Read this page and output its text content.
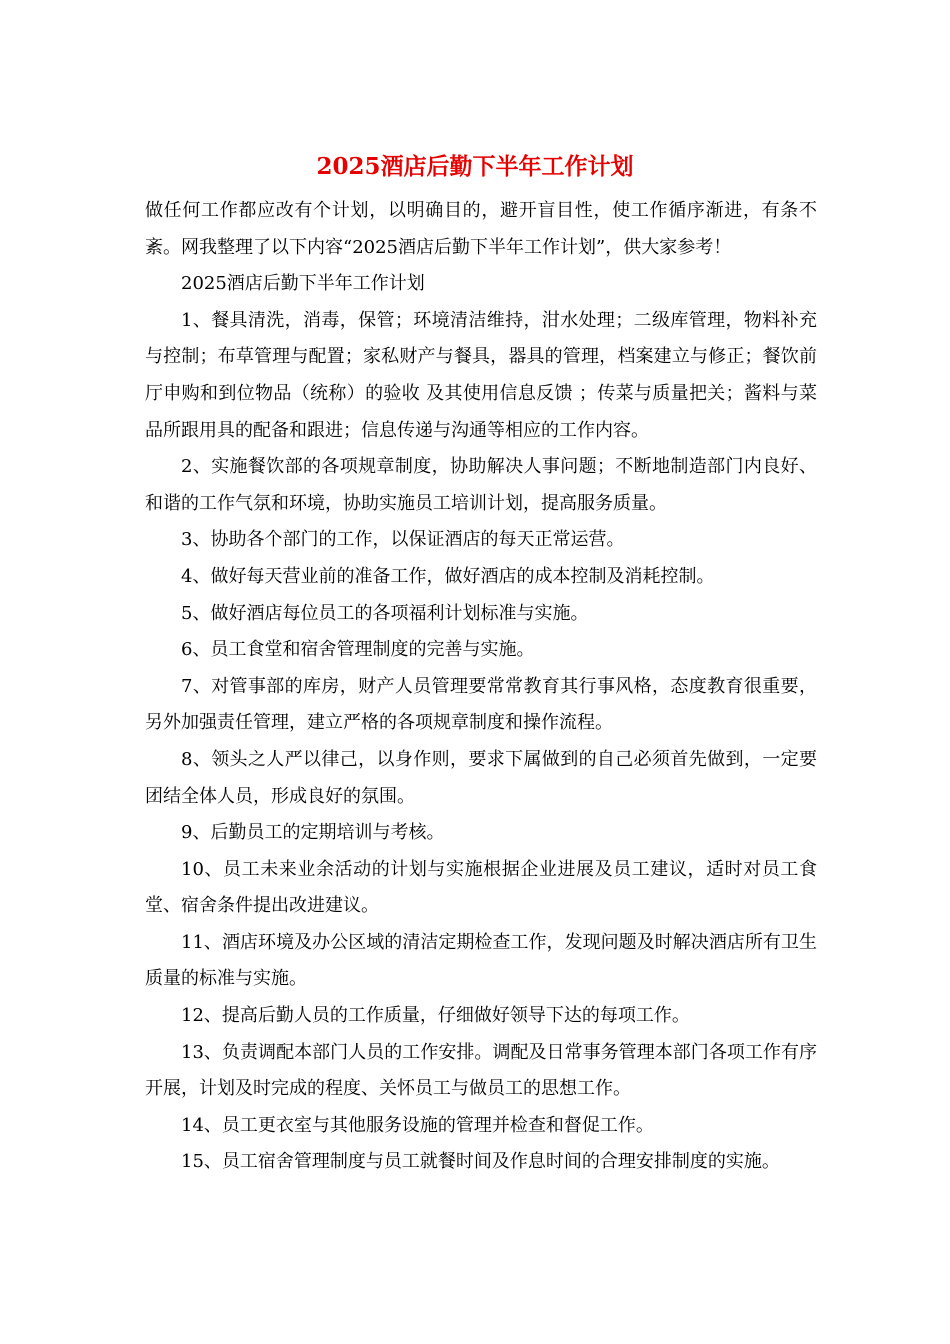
2025酒店后勤下半年工作计划

做任何工作都应改有个计划，以明确目的，避开盲目性，使工作循序渐进，有条不紊。网我整理了以下内容“2025酒店后勤下半年工作计划”，供大家参考！

2025酒店后勤下半年工作计划

1、餐具清洗，消毒，保管；环境清洁维持，泔水处理；二级库管理，物料补充与控制；布草管理与配置；家私财产与餐具，器具的管理，档案建立与修正；餐饮前厅申购和到位物品（统称）的验收 及其使用信息反馈 ；传菜与质量把关；酱料与菜品所跟用具的配备和跟进；信息传递与沟通等相应的工作内容。

2、实施餐饮部的各项规章制度，协助解决人事问题；不断地制造部门内良好、和谐的工作气氛和环境，协助实施员工培训计划，提高服务质量。

3、协助各个部门的工作，以保证酒店的每天正常运营。

4、做好每天营业前的准备工作，做好酒店的成本控制及消耗控制。

5、做好酒店每位员工的各项福利计划标准与实施。

6、员工食堂和宿舍管理制度的完善与实施。

7、对管事部的库房，财产人员管理要常常教育其行事风格，态度教育很重要，另外加强责任管理，建立严格的各项规章制度和操作流程。

8、领头之人严以律己，以身作则，要求下属做到的自己必须首先做到，一定要团结全体人员，形成良好的氛围。

9、后勤员工的定期培训与考核。

10、员工未来业余活动的计划与实施根据企业进展及员工建议，适时对员工食堂、宿舍条件提出改进建议。

11、酒店环境及办公区域的清洁定期检查工作，发现问题及时解决酒店所有卫生质量的标准与实施。

12、提高后勤人员的工作质量，仔细做好领导下达的每项工作。

13、负责调配本部门人员的工作安排。调配及日常事务管理本部门各项工作有序开展，计划及时完成的程度、关怀员工与做员工的思想工作。

14、员工更衣室与其他服务设施的管理并检查和督促工作。

15、员工宿舍管理制度与员工就餐时间及作息时间的合理安排制度的实施。
